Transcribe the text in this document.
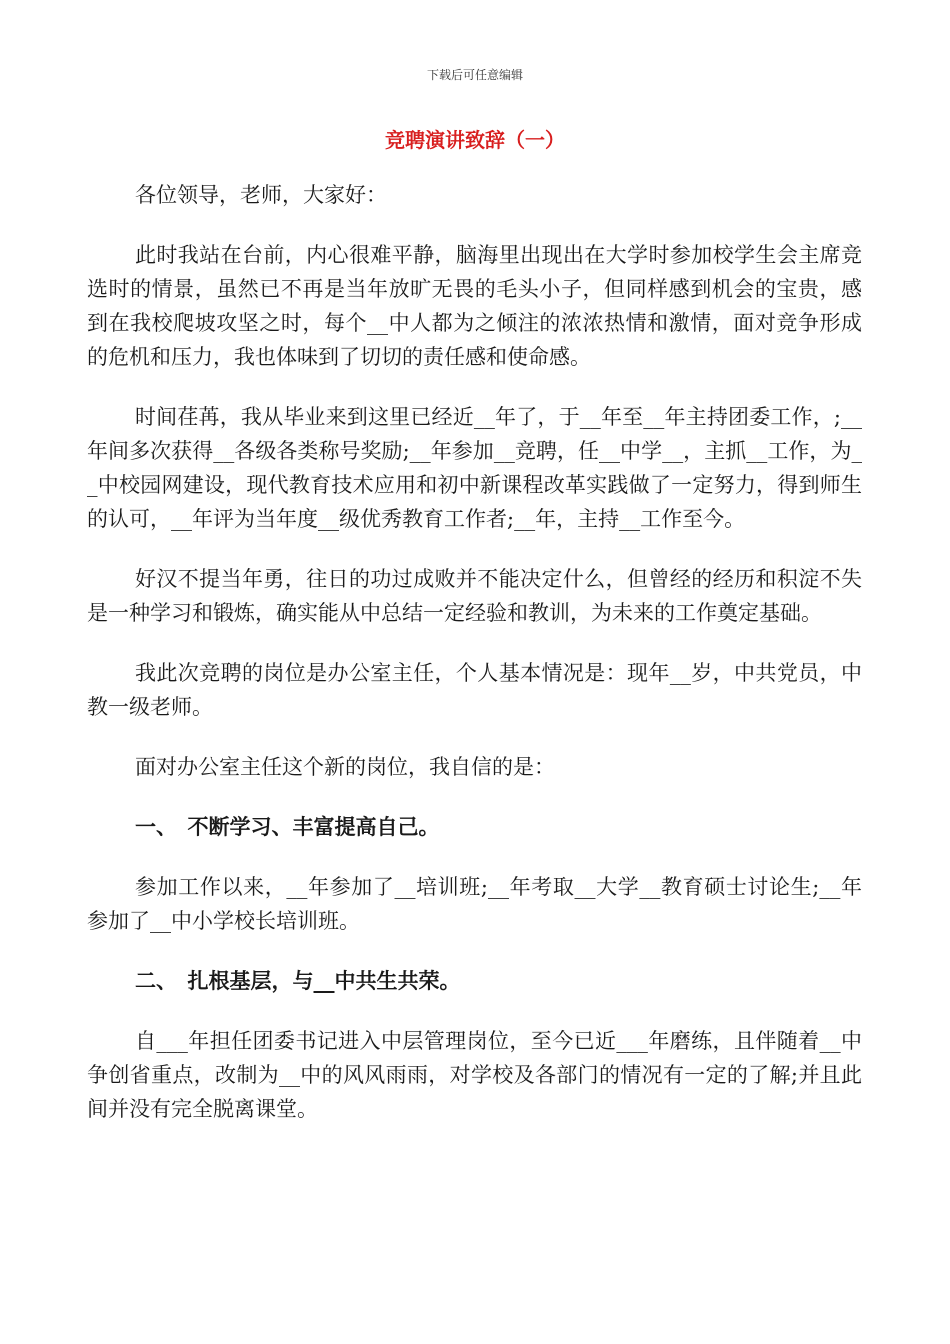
下载后可任意编辑
竞聘演讲致辞（一）

各位领导，老师，大家好：

此时我站在台前，内心很难平静，脑海里出现出在大学时参加校学生会主席竞选时的情景，虽然已不再是当年放旷无畏的毛头小子，但同样感到机会的宝贵，感到在我校爬坡攻坚之时，每个__中人都为之倾注的浓浓热情和激情，面对竞争形成的危机和压力，我也体味到了切切的责任感和使命感。

时间荏苒，我从毕业来到这里已经近__年了，于__年至__年主持团委工作，;__年间多次获得__各级各类称号奖励;__年参加__竞聘，任__中学__，主抓__工作，为__中校园网建设，现代教育技术应用和初中新课程改革实践做了一定努力，得到师生的认可，__年评为当年度__级优秀教育工作者;__年，主持__工作至今。

好汉不提当年勇，往日的功过成败并不能决定什么，但曾经的经历和积淀不失是一种学习和锻炼，确实能从中总结一定经验和教训，为未来的工作奠定基础。

我此次竞聘的岗位是办公室主任，个人基本情况是：现年__岁，中共党员，中教一级老师。

面对办公室主任这个新的岗位，我自信的是：

一、　不断学习、丰富提高自己。

参加工作以来，__年参加了__培训班;__年考取__大学__教育硕士讨论生;__年参加了__中小学校长培训班。

二、　扎根基层，与__中共生共荣。

自___年担任团委书记进入中层管理岗位，至今已近___年磨练，且伴随着__中争创省重点，改制为__中的风风雨雨，对学校及各部门的情况有一定的了解;并且此间并没有完全脱离课堂。
